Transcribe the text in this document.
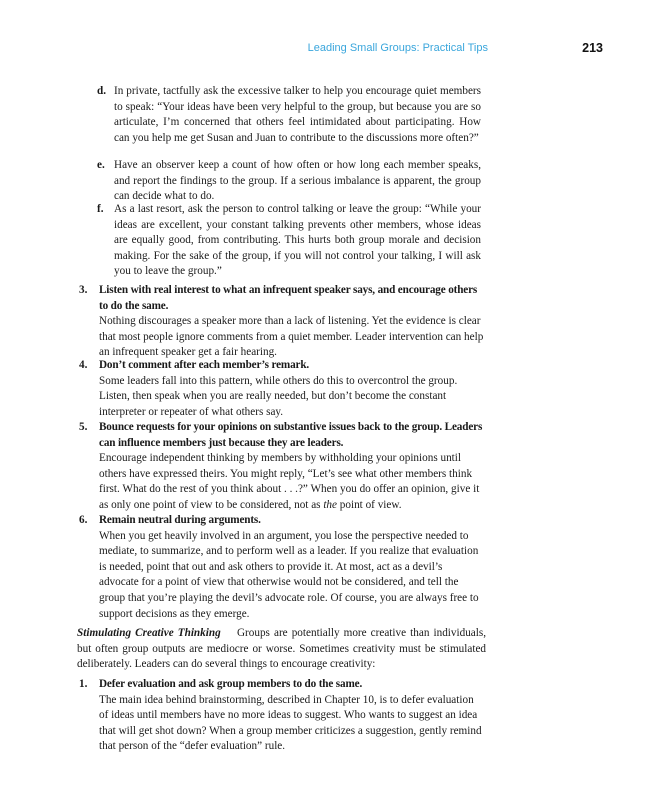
Leading Small Groups: Practical Tips	213
d. In private, tactfully ask the excessive talker to help you encourage quiet members to speak: “Your ideas have been very helpful to the group, but because you are so articulate, I’m concerned that others feel intimidated about participating. How can you help me get Susan and Juan to contribute to the discussions more often?”
e. Have an observer keep a count of how often or how long each member speaks, and report the findings to the group. If a serious imbalance is apparent, the group can decide what to do.
f. As a last resort, ask the person to control talking or leave the group: “While your ideas are excellent, your constant talking prevents other members, whose ideas are equally good, from contributing. This hurts both group morale and decision making. For the sake of the group, if you will not control your talking, I will ask you to leave the group.”
3. Listen with real interest to what an infrequent speaker says, and encourage others to do the same.
Nothing discourages a speaker more than a lack of listening. Yet the evidence is clear that most people ignore comments from a quiet member. Leader intervention can help an infrequent speaker get a fair hearing.
4. Don’t comment after each member’s remark.
Some leaders fall into this pattern, while others do this to overcontrol the group. Listen, then speak when you are really needed, but don’t become the constant interpreter or repeater of what others say.
5. Bounce requests for your opinions on substantive issues back to the group. Leaders can influence members just because they are leaders.
Encourage independent thinking by members by withholding your opinions until others have expressed theirs. You might reply, “Let’s see what other members think first. What do the rest of you think about . . .?” When you do offer an opinion, give it as only one point of view to be considered, not as the point of view.
6. Remain neutral during arguments.
When you get heavily involved in an argument, you lose the perspective needed to mediate, to summarize, and to perform well as a leader. If you realize that evaluation is needed, point that out and ask others to provide it. At most, act as a devil’s advocate for a point of view that otherwise would not be considered, and tell the group that you’re playing the devil’s advocate role. Of course, you are always free to support decisions as they emerge.
Stimulating Creative Thinking Groups are potentially more creative than individuals, but often group outputs are mediocre or worse. Sometimes creativity must be stimulated deliberately. Leaders can do several things to encourage creativity:
1. Defer evaluation and ask group members to do the same.
The main idea behind brainstorming, described in Chapter 10, is to defer evaluation of ideas until members have no more ideas to suggest. Who wants to suggest an idea that will get shot down? When a group member criticizes a suggestion, gently remind that person of the “defer evaluation” rule.
